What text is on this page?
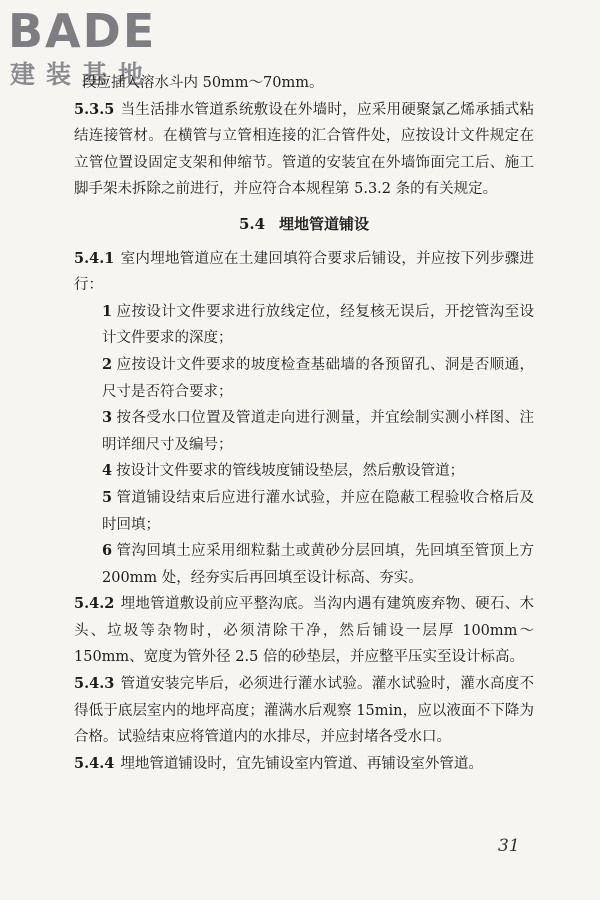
BADE
建装基地

段应插入溶水斗内 50mm～70mm。

5.3.5 当生活排水管道系统敷设在外墙时，应采用硬聚氯乙烯承插式粘结连接管材。在横管与立管相连接的汇合管件处，应按设计文件规定在立管位置设固定支架和伸缩节。管道的安装宜在外墙饰面完工后、施工脚手架未拆除之前进行，并应符合本规程第 5.3.2 条的有关规定。

5.4 埋地管道铺设

5.4.1 室内埋地管道应在土建回填符合要求后铺设，并应按下列步骤进行：

1 应按设计文件要求进行放线定位，经复核无误后，开挖管沟至设计文件要求的深度；

2 应按设计文件要求的坡度检查基础墙的各预留孔、洞是否顺通，尺寸是否符合要求；

3 按各受水口位置及管道走向进行测量，并宜绘制实测小样图、注明详细尺寸及编号；

4 按设计文件要求的管线坡度铺设垫层，然后敷设管道；

5 管道铺设结束后应进行灌水试验，并应在隐蔽工程验收合格后及时回填；

6 管沟回填土应采用细粒黏土或黄砂分层回填，先回填至管顶上方 200mm 处，经夯实后再回填至设计标高、夯实。

5.4.2 埋地管道敷设前应平整沟底。当沟内遇有建筑废弃物、硬石、木头、垃圾等杂物时，必须清除干净，然后铺设一层厚 100mm～150mm、宽度为管外径 2.5 倍的砂垫层，并应整平压实至设计标高。

5.4.3 管道安装完毕后，必须进行灌水试验。灌水试验时，灌水高度不得低于底层室内的地坪高度；灌满水后观察 15min，应以液面不下降为合格。试验结束应将管道内的水排尽，并应封堵各受水口。

5.4.4 埋地管道铺设时，宜先铺设室内管道、再铺设室外管道。

31
